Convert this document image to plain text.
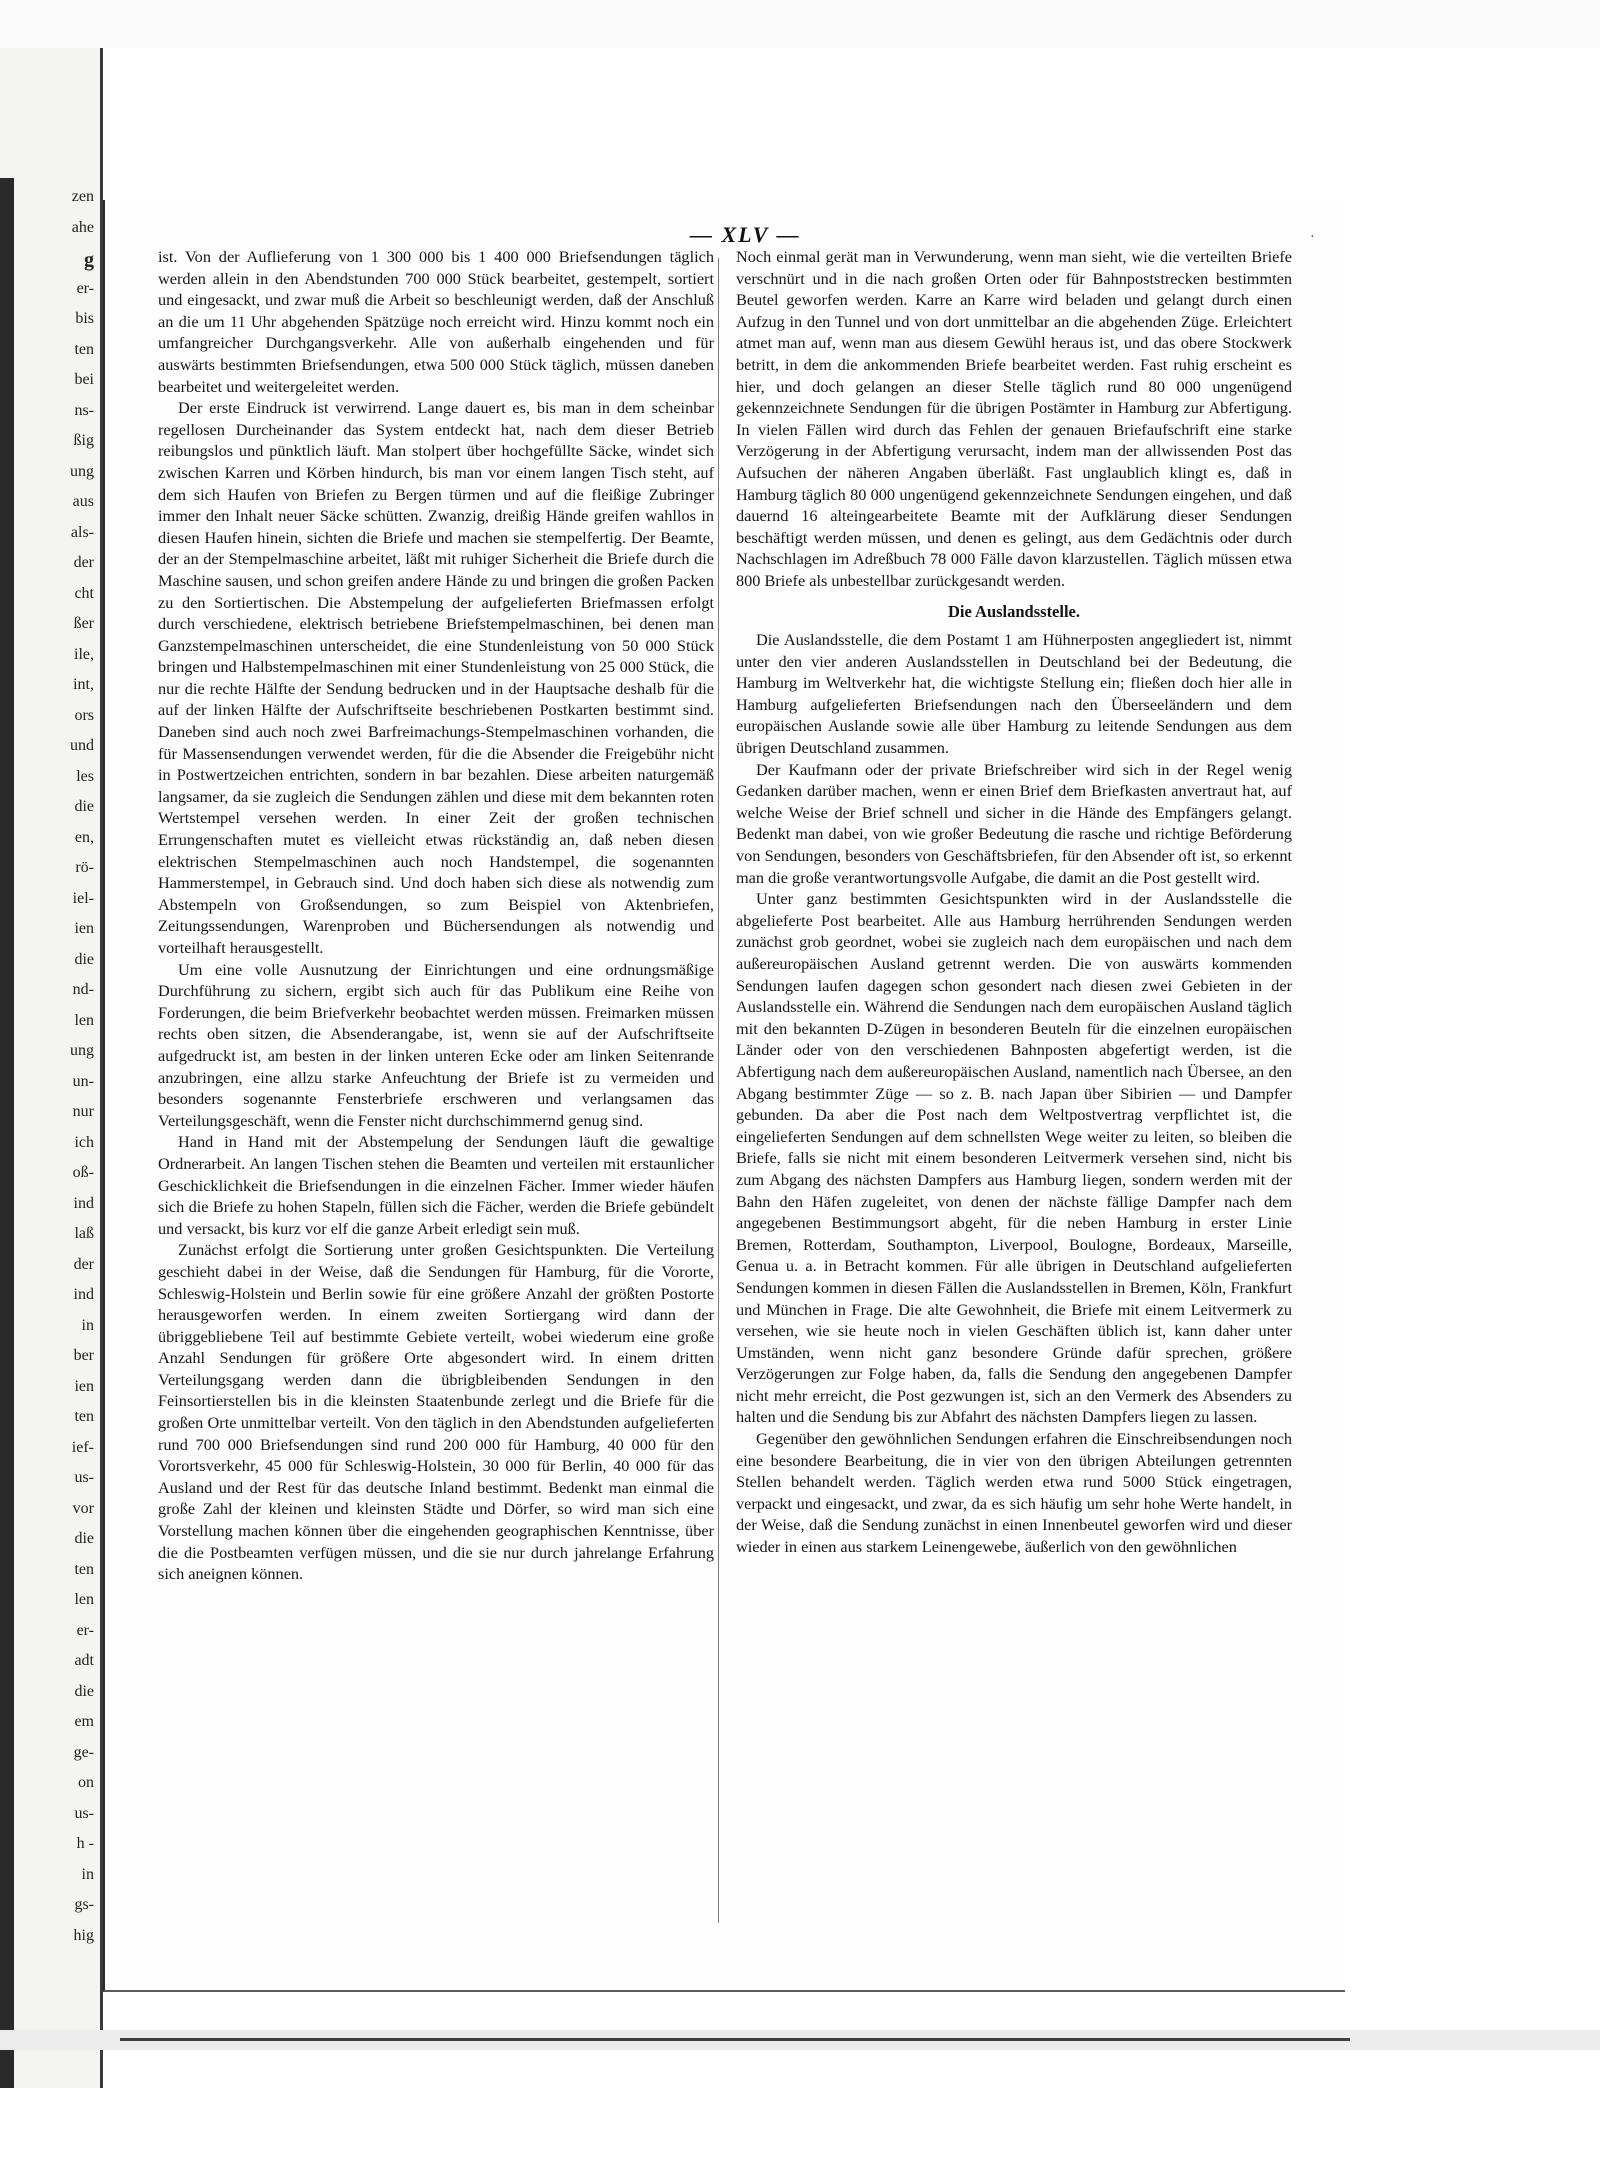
zen
ahe
g
er-
bis
ten
bei
ns-
ßig
ung
aus
als-
der
cht
ßer
ile,
int,
ors
und
les
die
en,
rö-
iel-
ien
die
nd-
len
ung
un-
nur
ich
oß-
ind
laß
der
ind
in
ber
ien
ten
ief-
us-
vor
die
ten
len
er-
adt
die
em
ge-
on
us-
h -
in
gs-
hig
— XLV —

ist. Von der Auflieferung von 1 300 000 bis 1 400 000 Briefsendungen täglich werden allein in den Abendstunden 700 000 Stück bearbeitet, gestempelt, sortiert und eingesackt, und zwar muß die Arbeit so beschleunigt werden, daß der Anschluß an die um 11 Uhr abgehenden Spätzüge noch erreicht wird. Hinzu kommt noch ein umfangreicher Durchgangsverkehr. Alle von außerhalb eingehenden und für auswärts bestimmten Briefsendungen, etwa 500 000 Stück täglich, müssen daneben bearbeitet und weitergeleitet werden.

Der erste Eindruck ist verwirrend. Lange dauert es, bis man in dem scheinbar regellosen Durcheinander das System entdeckt hat, nach dem dieser Betrieb reibungslos und pünktlich läuft. Man stolpert über hochgefüllte Säcke, windet sich zwischen Karren und Körben hindurch, bis man vor einem langen Tisch steht, auf dem sich Haufen von Briefen zu Bergen türmen und auf die fleißige Zubringer immer den Inhalt neuer Säcke schütten. Zwanzig, dreißig Hände greifen wahllos in diesen Haufen hinein, sichten die Briefe und machen sie stempelfertig. Der Beamte, der an der Stempelmaschine arbeitet, läßt mit ruhiger Sicherheit die Briefe durch die Maschine sausen, und schon greifen andere Hände zu und bringen die großen Packen zu den Sortiertischen. Die Abstempelung der aufgelieferten Briefmassen erfolgt durch verschiedene, elektrisch betriebene Briefstempelmaschinen, bei denen man Ganzstempelmaschinen unterscheidet, die eine Stundenleistung von 50 000 Stück bringen und Halbstempelmaschinen mit einer Stundenleistung von 25 000 Stück, die nur die rechte Hälfte der Sendung bedrucken und in der Hauptsache deshalb für die auf der linken Hälfte der Aufschriftseite beschriebenen Postkarten bestimmt sind. Daneben sind auch noch zwei Barfreimachungs-Stempelmaschinen vorhanden, die für Massensendungen verwendet werden, für die die Absender die Freigebühr nicht in Postwertzeichen entrichten, sondern in bar bezahlen. Diese arbeiten naturgemäß langsamer, da sie zugleich die Sendungen zählen und diese mit dem bekannten roten Wertstempel versehen werden. In einer Zeit der großen technischen Errungenschaften mutet es vielleicht etwas rückständig an, daß neben diesen elektrischen Stempelmaschinen auch noch Handstempel, die sogenannten Hammerstempel, in Gebrauch sind. Und doch haben sich diese als notwendig zum Abstempeln von Großsendungen, so zum Beispiel von Aktenbriefen, Zeitungssendungen, Warenproben und Büchersendungen als notwendig und vorteilhaft herausgestellt.

Um eine volle Ausnutzung der Einrichtungen und eine ordnungsmäßige Durchführung zu sichern, ergibt sich auch für das Publikum eine Reihe von Forderungen, die beim Briefverkehr beobachtet werden müssen. Freimarken müssen rechts oben sitzen, die Absenderangabe, ist, wenn sie auf der Aufschriftseite aufgedruckt ist, am besten in der linken unteren Ecke oder am linken Seitenrande anzubringen, eine allzu starke Anfeuchtung der Briefe ist zu vermeiden und besonders sogenannte Fensterbriefe erschweren und verlangsamen das Verteilungsgeschäft, wenn die Fenster nicht durchschimmernd genug sind.

Hand in Hand mit der Abstempelung der Sendungen läuft die gewaltige Ordnerarbeit. An langen Tischen stehen die Beamten und verteilen mit erstaunlicher Geschicklichkeit die Briefsendungen in die einzelnen Fächer. Immer wieder häufen sich die Briefe zu hohen Stapeln, füllen sich die Fächer, werden die Briefe gebündelt und versackt, bis kurz vor elf die ganze Arbeit erledigt sein muß.

Zunächst erfolgt die Sortierung unter großen Gesichtspunkten. Die Verteilung geschieht dabei in der Weise, daß die Sendungen für Hamburg, für die Vororte, Schleswig-Holstein und Berlin sowie für eine größere Anzahl der größten Postorte herausgeworfen werden. In einem zweiten Sortiergang wird dann der übriggebliebene Teil auf bestimmte Gebiete verteilt, wobei wiederum eine große Anzahl Sendungen für größere Orte abgesondert wird. In einem dritten Verteilungsgang werden dann die übrigbleibenden Sendungen in den Feinsortierstellen bis in die kleinsten Staatenbunde zerlegt und die Briefe für die großen Orte unmittelbar verteilt. Von den täglich in den Abendstunden aufgelieferten rund 700 000 Briefsendungen sind rund 200 000 für Hamburg, 40 000 für den Vorortsverkehr, 45 000 für Schleswig-Holstein, 30 000 für Berlin, 40 000 für das Ausland und der Rest für das deutsche Inland bestimmt. Bedenkt man einmal die große Zahl der kleinen und kleinsten Städte und Dörfer, so wird man sich eine Vorstellung machen können über die eingehenden geographischen Kenntnisse, über die die Postbeamten verfügen müssen, und die sie nur durch jahrelange Erfahrung sich aneignen können.

Noch einmal gerät man in Verwunderung, wenn man sieht, wie die verteilten Briefe verschnürt und in die nach großen Orten oder für Bahnpoststrecken bestimmten Beutel geworfen werden. Karre an Karre wird beladen und gelangt durch einen Aufzug in den Tunnel und von dort unmittelbar an die abgehenden Züge. Erleichtert atmet man auf, wenn man aus diesem Gewühl heraus ist, und das obere Stockwerk betritt, in dem die ankommenden Briefe bearbeitet werden. Fast ruhig erscheint es hier, und doch gelangen an dieser Stelle täglich rund 80 000 ungenügend gekennzeichnete Sendungen für die übrigen Postämter in Hamburg zur Abfertigung. In vielen Fällen wird durch das Fehlen der genauen Briefaufschrift eine starke Verzögerung in der Abfertigung verursacht, indem man der allwissenden Post das Aufsuchen der näheren Angaben überläßt. Fast unglaublich klingt es, daß in Hamburg täglich 80 000 ungenügend gekennzeichnete Sendungen eingehen, und daß dauernd 16 alteingearbeitete Beamte mit der Aufklärung dieser Sendungen beschäftigt werden müssen, und denen es gelingt, aus dem Gedächtnis oder durch Nachschlagen im Adreßbuch 78 000 Fälle davon klarzustellen. Täglich müssen etwa 800 Briefe als unbestellbar zurückgesandt werden.

Die Auslandsstelle.

Die Auslandsstelle, die dem Postamt 1 am Hühnerposten angegliedert ist, nimmt unter den vier anderen Auslandsstellen in Deutschland bei der Bedeutung, die Hamburg im Weltverkehr hat, die wichtigste Stellung ein; fließen doch hier alle in Hamburg aufgelieferten Briefsendungen nach den Überseeländern und dem europäischen Auslande sowie alle über Hamburg zu leitende Sendungen aus dem übrigen Deutschland zusammen.

Der Kaufmann oder der private Briefschreiber wird sich in der Regel wenig Gedanken darüber machen, wenn er einen Brief dem Briefkasten anvertraut hat, auf welche Weise der Brief schnell und sicher in die Hände des Empfängers gelangt. Bedenkt man dabei, von wie großer Bedeutung die rasche und richtige Beförderung von Sendungen, besonders von Geschäftsbriefen, für den Absender oft ist, so erkennt man die große verantwortungsvolle Aufgabe, die damit an die Post gestellt wird.

Unter ganz bestimmten Gesichtspunkten wird in der Auslandsstelle die abgelieferte Post bearbeitet. Alle aus Hamburg herrührenden Sendungen werden zunächst grob geordnet, wobei sie zugleich nach dem europäischen und nach dem außereuropäischen Ausland getrennt werden. Die von auswärts kommenden Sendungen laufen dagegen schon gesondert nach diesen zwei Gebieten in der Auslandsstelle ein. Während die Sendungen nach dem europäischen Ausland täglich mit den bekannten D-Zügen in besonderen Beuteln für die einzelnen europäischen Länder oder von den verschiedenen Bahnposten abgefertigt werden, ist die Abfertigung nach dem außereuropäischen Ausland, namentlich nach Übersee, an den Abgang bestimmter Züge — so z. B. nach Japan über Sibirien — und Dampfer gebunden. Da aber die Post nach dem Weltpostvertrag verpflichtet ist, die eingelieferten Sendungen auf dem schnellsten Wege weiter zu leiten, so bleiben die Briefe, falls sie nicht mit einem besonderen Leitvermerk versehen sind, nicht bis zum Abgang des nächsten Dampfers aus Hamburg liegen, sondern werden mit der Bahn den Häfen zugeleitet, von denen der nächste fällige Dampfer nach dem angegebenen Bestimmungsort abgeht, für die neben Hamburg in erster Linie Bremen, Rotterdam, Southampton, Liverpool, Boulogne, Bordeaux, Marseille, Genua u. a. in Betracht kommen. Für alle übrigen in Deutschland aufgelieferten Sendungen kommen in diesen Fällen die Auslandsstellen in Bremen, Köln, Frankfurt und München in Frage. Die alte Gewohnheit, die Briefe mit einem Leitvermerk zu versehen, wie sie heute noch in vielen Geschäften üblich ist, kann daher unter Umständen, wenn nicht ganz besondere Gründe dafür sprechen, größere Verzögerungen zur Folge haben, da, falls die Sendung den angegebenen Dampfer nicht mehr erreicht, die Post gezwungen ist, sich an den Vermerk des Absenders zu halten und die Sendung bis zur Abfahrt des nächsten Dampfers liegen zu lassen.

Gegenüber den gewöhnlichen Sendungen erfahren die Einschreibsendungen noch eine besondere Bearbeitung, die in vier von den übrigen Abteilungen getrennten Stellen behandelt werden. Täglich werden etwa rund 5000 Stück eingetragen, verpackt und eingesackt, und zwar, da es sich häufig um sehr hohe Werte handelt, in der Weise, daß die Sendung zunächst in einen Innenbeutel geworfen wird und dieser wieder in einen aus starkem Leinengewebe, äußerlich von den gewöhnlichen

·
